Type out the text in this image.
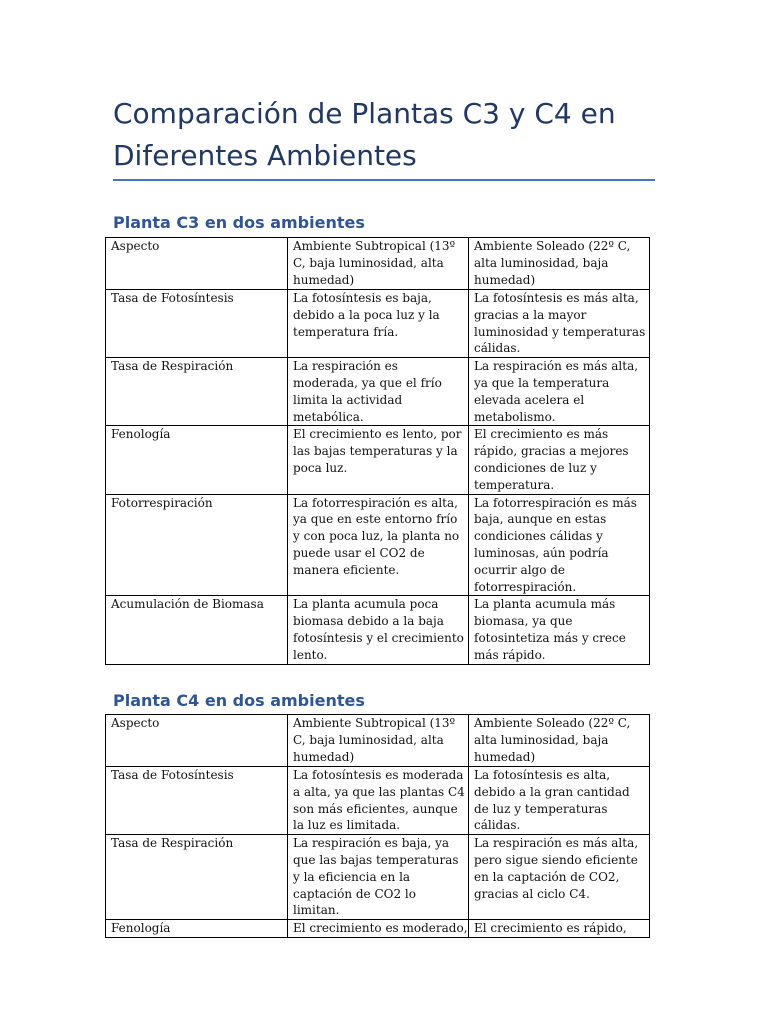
Comparación de Plantas C3 y C4 en Diferentes Ambientes
Planta C3 en dos ambientes
Aspecto	Ambiente Subtropical (13º C, baja luminosidad, alta humedad)	Ambiente Soleado (22º C, alta luminosidad, baja humedad)
Tasa de Fotosíntesis	La fotosíntesis es baja, debido a la poca luz y la temperatura fría.	La fotosíntesis es más alta, gracias a la mayor luminosidad y temperaturas cálidas.
Tasa de Respiración	La respiración es moderada, ya que el frío limita la actividad metabólica.	La respiración es más alta, ya que la temperatura elevada acelera el metabolismo.
Fenología	El crecimiento es lento, por las bajas temperaturas y la poca luz.	El crecimiento es más rápido, gracias a mejores condiciones de luz y temperatura.
Fotorrespiración	La fotorrespiración es alta, ya que en este entorno frío y con poca luz, la planta no puede usar el CO2 de manera eficiente.	La fotorrespiración es más baja, aunque en estas condiciones cálidas y luminosas, aún podría ocurrir algo de fotorrespiración.
Acumulación de Biomasa	La planta acumula poca biomasa debido a la baja fotosíntesis y el crecimiento lento.	La planta acumula más biomasa, ya que fotosintetiza más y crece más rápido.
Planta C4 en dos ambientes
Aspecto	Ambiente Subtropical (13º C, baja luminosidad, alta humedad)	Ambiente Soleado (22º C, alta luminosidad, baja humedad)
Tasa de Fotosíntesis	La fotosíntesis es moderada a alta, ya que las plantas C4 son más eficientes, aunque la luz es limitada.	La fotosíntesis es alta, debido a la gran cantidad de luz y temperaturas cálidas.
Tasa de Respiración	La respiración es baja, ya que las bajas temperaturas y la eficiencia en la captación de CO2 lo limitan.	La respiración es más alta, pero sigue siendo eficiente en la captación de CO2, gracias al ciclo C4.
Fenología	El crecimiento es moderado,	El crecimiento es rápido,
